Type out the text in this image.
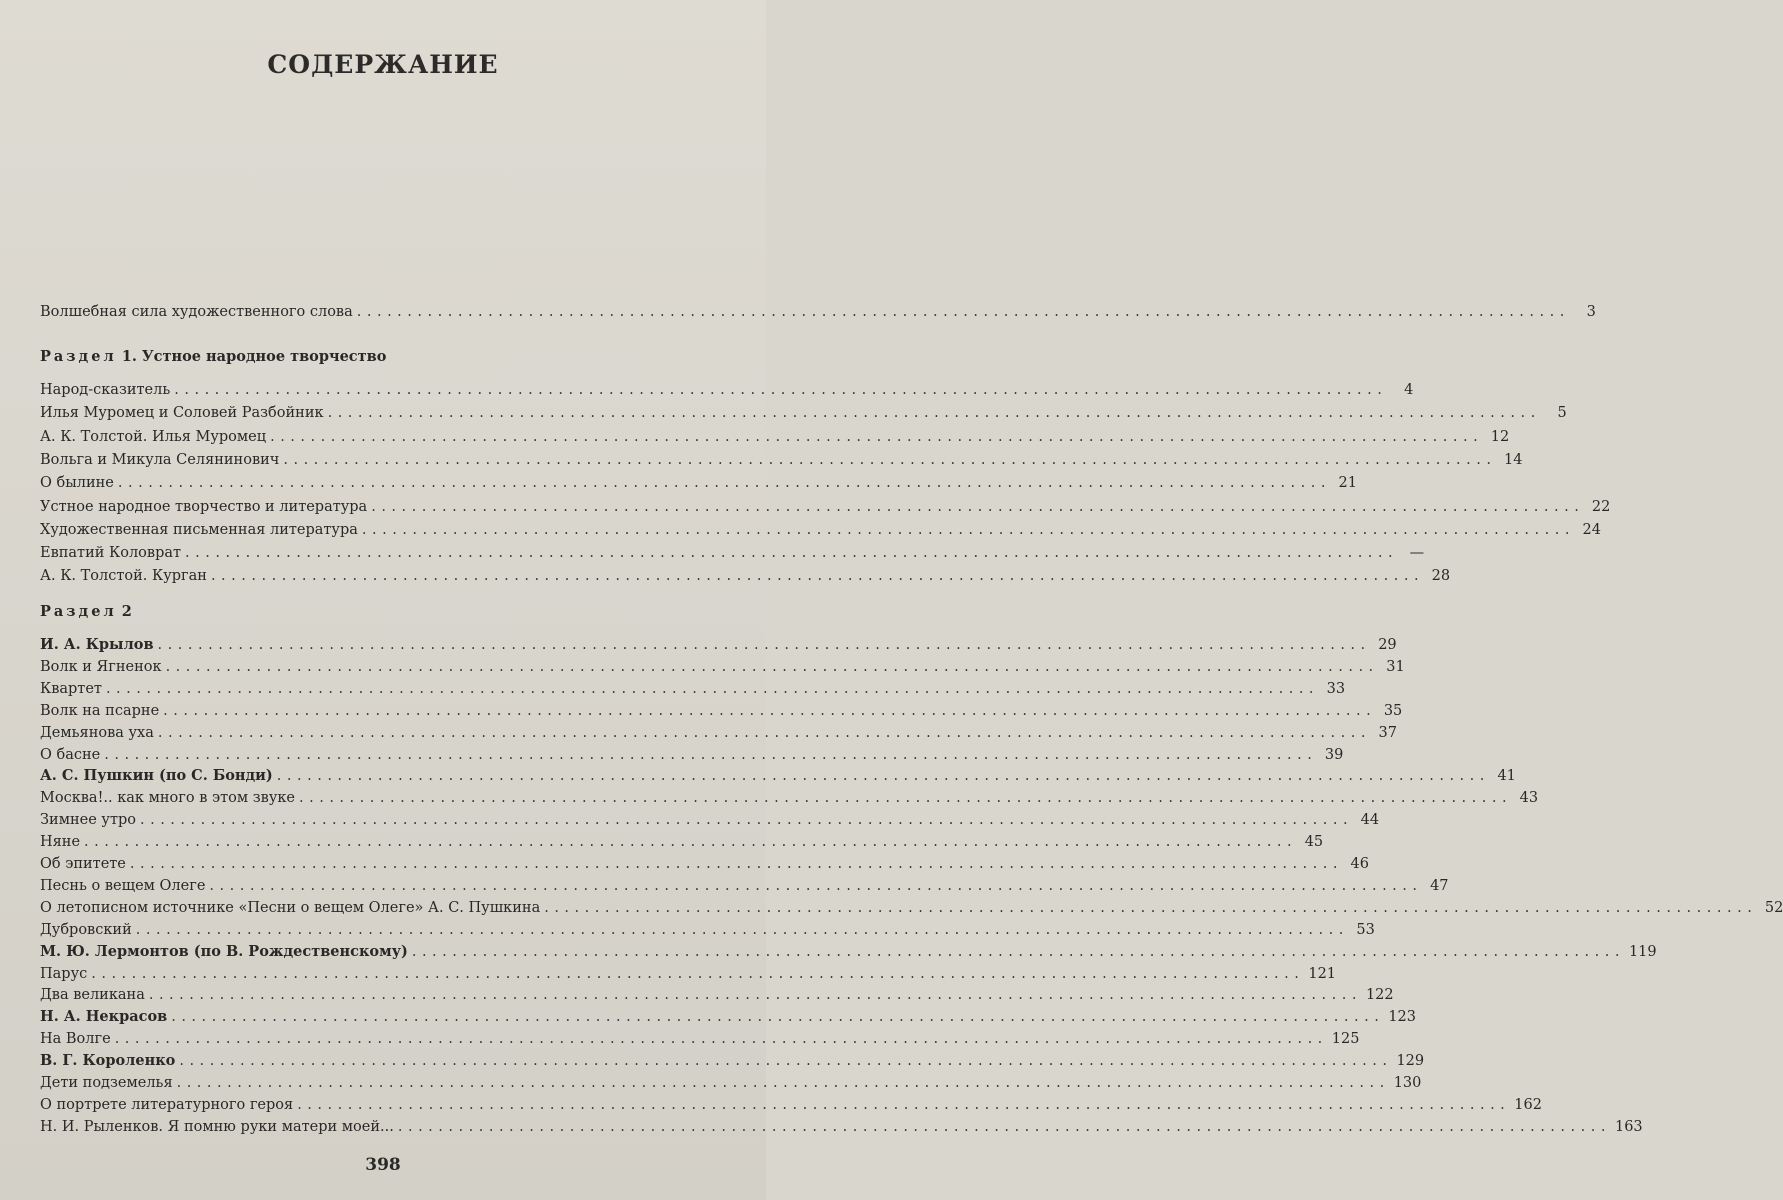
СОДЕРЖАНИЕ
Волшебная сила художественного слова ........................................................................................................................	3
Раздел 1. Устное народное творчество
Раздел 2
Народ-сказитель ........................................................................................................................	4
Илья Муромец и Соловей Разбойник ........................................................................................................................	5
А. К. Толстой. Илья Муромец ........................................................................................................................ 12
Вольга и Микула Селянинович ........................................................................................................................ 14
О былине ........................................................................................................................ 21
Устное народное творчество и литература ........................................................................................................................ 22
Художественная письменная литература ........................................................................................................................ 24
Евпатий Коловрат ........................................................................................................................ —
А. К. Толстой. Курган ........................................................................................................................ 28
И. А. Крылов ........................................................................................................................ 29
Волк и Ягненок ........................................................................................................................ 31
Квартет ........................................................................................................................ 33
Волк на псарне ........................................................................................................................ 35
Демьянова уха ........................................................................................................................ 37
О басне ........................................................................................................................ 39
А. С. Пушкин (по С. Бонди) ........................................................................................................................ 41
Москва!.. как много в этом звуке ........................................................................................................................ 43
Зимнее утро ........................................................................................................................ 44
Няне ........................................................................................................................ 45
Об эпитете ........................................................................................................................ 46
Песнь о вещем Олеге ........................................................................................................................ 47
О летописном источнике «Песни о вещем Олеге» А. С. Пушкина ........................................................................................................................ 52
Дубровский ........................................................................................................................ 53
М. Ю. Лермонтов (по В. Рождественскому) ........................................................................................................................ 119
Парус ........................................................................................................................ 121
Два великана ........................................................................................................................ 122
Н. А. Некрасов ........................................................................................................................ 123
На Волге ........................................................................................................................ 125
В. Г. Короленко ........................................................................................................................ 129
Дети подземелья ........................................................................................................................ 130
О портрете литературного героя ........................................................................................................................ 162
Н. И. Рыленков. Я помню руки матери моей... ........................................................................................................................ 163
398
